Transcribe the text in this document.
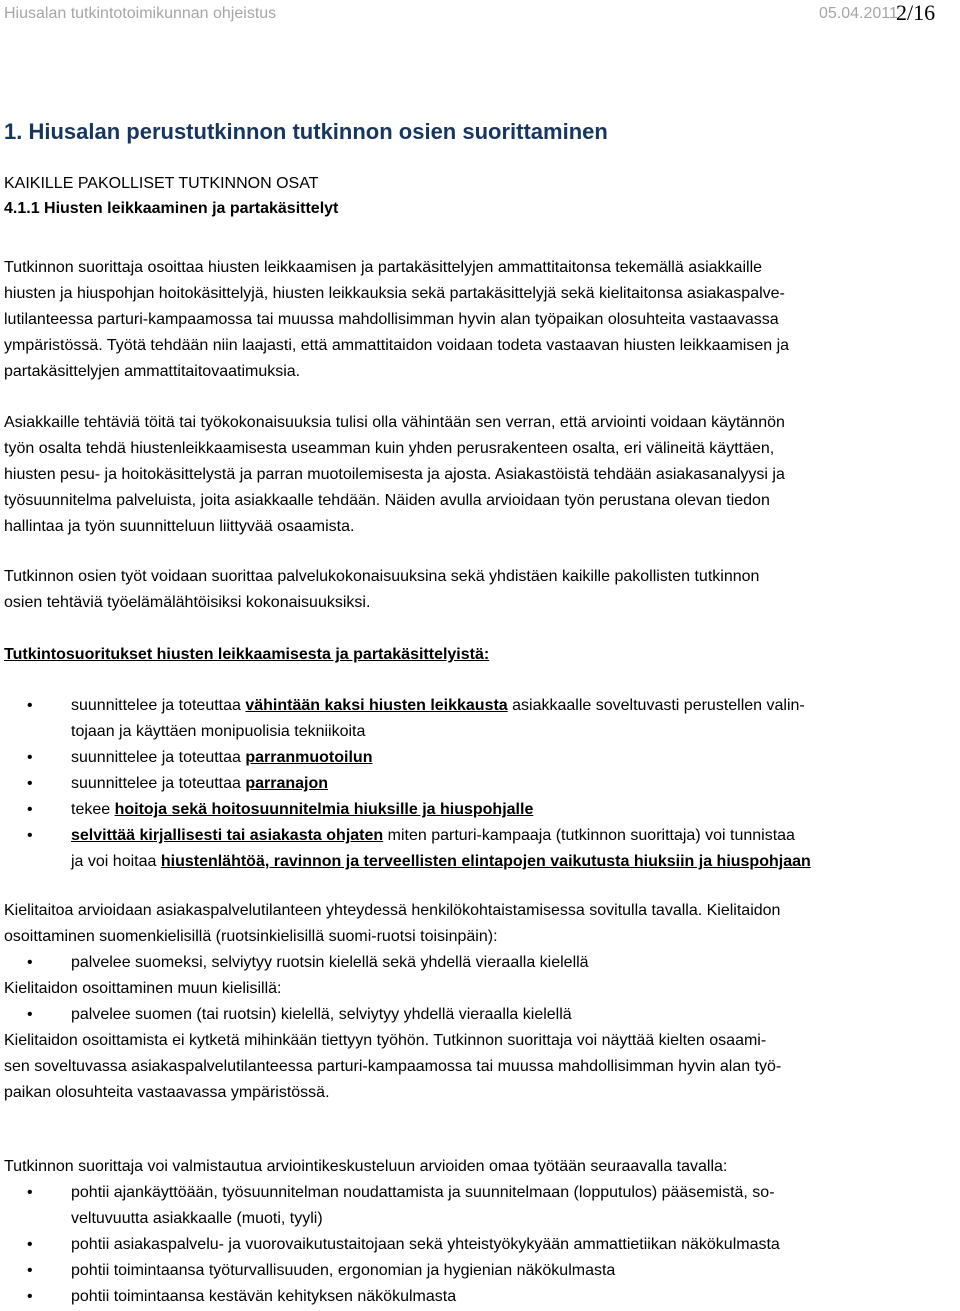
Hiusalan tutkintotoimikunnan ohjeistus	05.04.2011
2/16
1. Hiusalan perustutkinnon tutkinnon osien suorittaminen
KAIKILLE PAKOLLISET TUTKINNON OSAT
4.1.1 Hiusten leikkaaminen ja partakäsittelyt
Tutkinnon suorittaja osoittaa hiusten leikkaamisen ja partakäsittelyjen ammattitaitonsa tekemällä asiakkaille
hiusten ja hiuspohjan hoitokäsittelyjä, hiusten leikkauksia sekä partakäsittelyjä sekä kielitaitonsa asiakaspalve-
lutilanteessa parturi-kampaamossa tai muussa mahdollisimman hyvin alan työpaikan olosuhteita vastaavassa
ympäristössä. Työtä tehdään niin laajasti, että ammattitaidon voidaan todeta vastaavan hiusten leikkaamisen ja
partakäsittelyjen ammattitaitovaatimuksia.
Asiakkaille tehtäviä töitä tai työkokonaisuuksia tulisi olla vähintään sen verran, että arviointi voidaan käytännön
työn osalta tehdä hiustenleikkaamisesta useamman kuin yhden perusrakenteen osalta, eri välineitä käyttäen,
hiusten pesu- ja hoitokäsittelystä ja parran muotoilemisesta ja ajosta. Asiakastöistä tehdään asiakasanalyysi ja
työsuunnitelma palveluista, joita asiakkaalle tehdään. Näiden avulla arvioidaan työn perustana olevan tiedon
hallintaa ja työn suunnitteluun liittyvää osaamista.
Tutkinnon osien työt voidaan suorittaa palvelukokonaisuuksina sekä yhdistäen kaikille pakollisten tutkinnon
osien tehtäviä työelämälähtöisiksi kokonaisuuksiksi.
Tutkintosuoritukset hiusten leikkaamisesta ja partakäsittelyistä:
• suunnittelee ja toteuttaa vähintään kaksi hiusten leikkausta asiakkaalle soveltuvasti perustellen valin-
tojaan ja käyttäen monipuolisia tekniikoita
• suunnittelee ja toteuttaa parranmuotoilun
• suunnittelee ja toteuttaa parranajon
• tekee hoitoja sekä hoitosuunnitelmia hiuksille ja hiuspohjalle
• selvittää kirjallisesti tai asiakasta ohjaten miten parturi-kampaaja (tutkinnon suorittaja) voi tunnistaa
ja voi hoitaa hiustenlähtöä, ravinnon ja terveellisten elintapojen vaikutusta hiuksiin ja hiuspohjaan
Kielitaitoa arvioidaan asiakaspalvelutilanteen yhteydessä henkilökohtaistamisessa sovitulla tavalla. Kielitaidon
osoittaminen suomenkielisillä (ruotsinkielisillä suomi-ruotsi toisinpäin):
• palvelee suomeksi, selviytyy ruotsin kielellä sekä yhdellä vieraalla kielellä
Kielitaidon osoittaminen muun kielisillä:
• palvelee suomen (tai ruotsin) kielellä, selviytyy yhdellä vieraalla kielellä
Kielitaidon osoittamista ei kytketä mihinkään tiettyyn työhön. Tutkinnon suorittaja voi näyttää kielten osaami-
sen soveltuvassa asiakaspalvelutilanteessa parturi-kampaamossa tai muussa mahdollisimman hyvin alan työ-
paikan olosuhteita vastaavassa ympäristössä.
Tutkinnon suorittaja voi valmistautua arviointikeskusteluun arvioiden omaa työtään seuraavalla tavalla:
• pohtii ajankäyttöään, työsuunnitelman noudattamista ja suunnitelmaan (lopputulos) pääsemistä, so-
veltuvuutta asiakkaalle (muoti, tyyli)
• pohtii asiakaspalvelu- ja vuorovaikutustaitojaan sekä yhteistyökykyään ammattietiikan näkökulmasta
• pohtii toimintaansa työturvallisuuden, ergonomian ja hygienian näkökulmasta
• pohtii toimintaansa kestävän kehityksen näkökulmasta
